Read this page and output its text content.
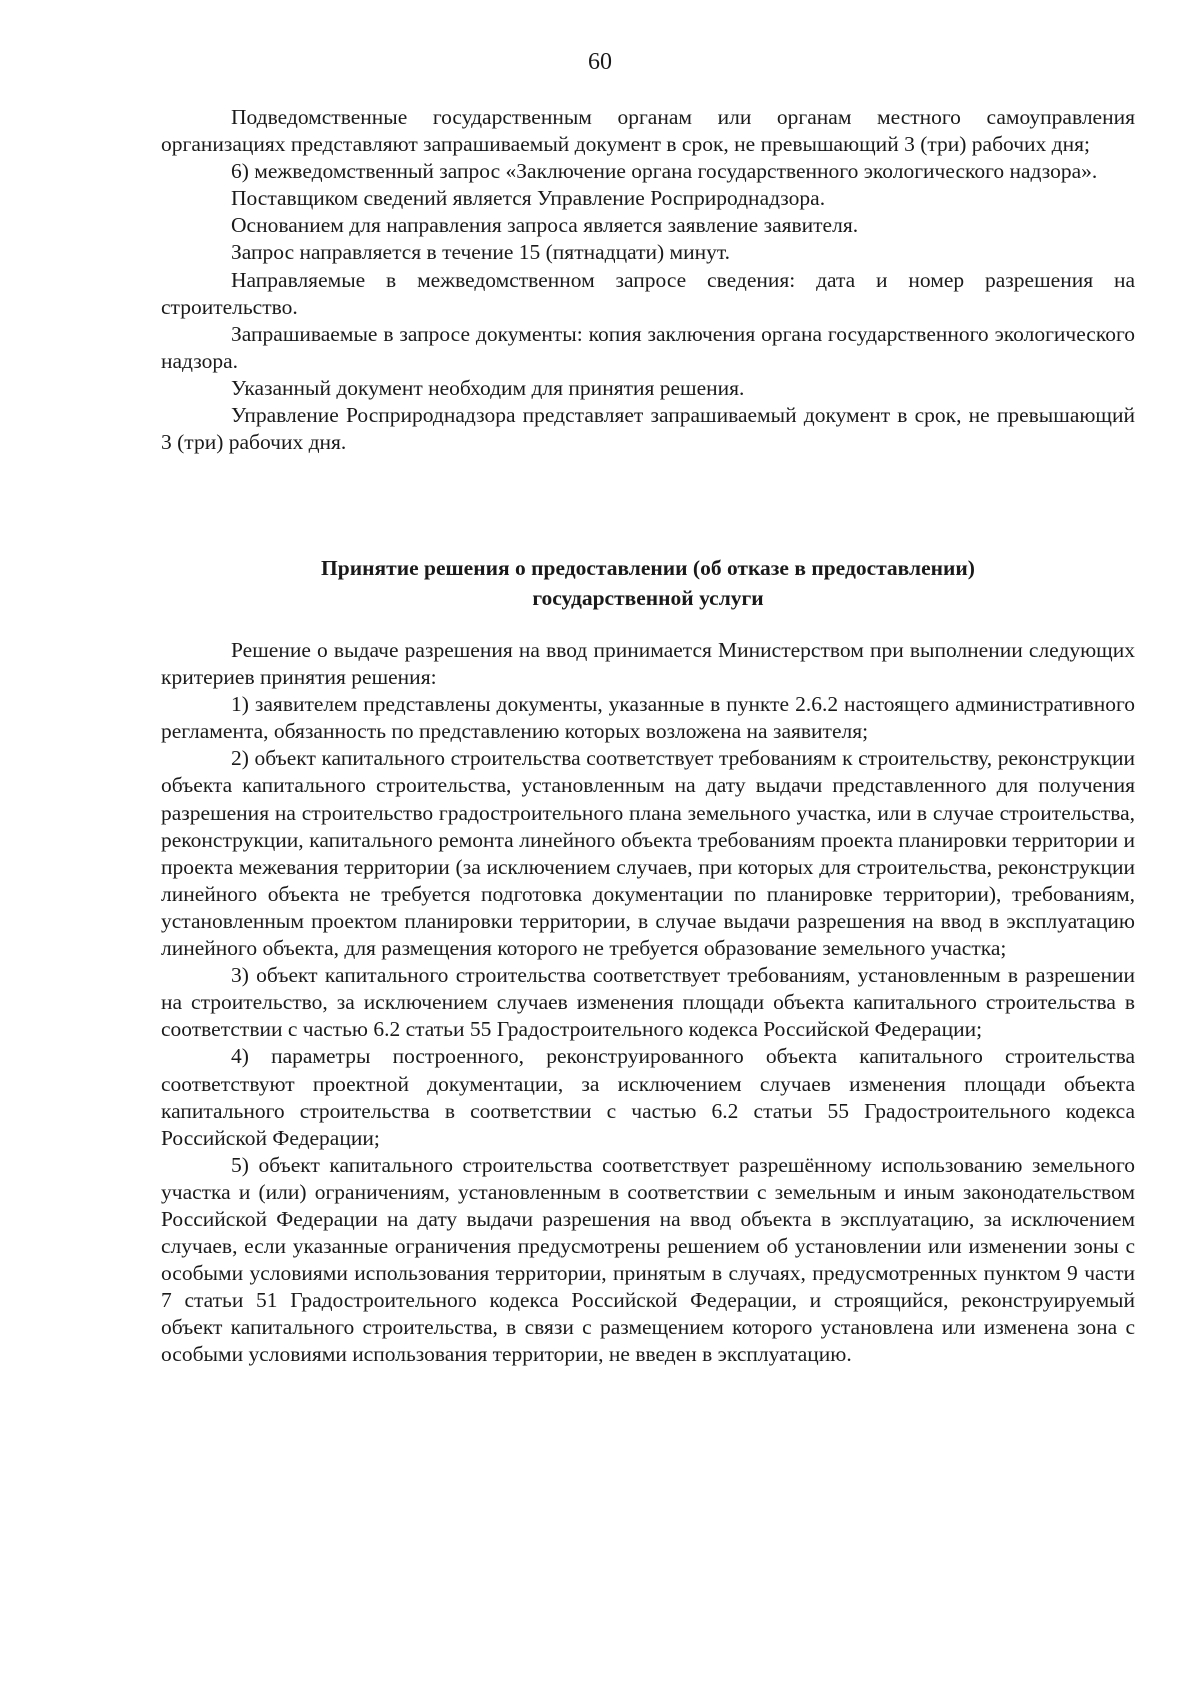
60

Подведомственные государственным органам или органам местного самоуправления организациях представляют запрашиваемый документ в срок, не превышающий 3 (три) рабочих дня;

6) межведомственный запрос «Заключение органа государственного экологического надзора».

Поставщиком сведений является Управление Росприроднадзора.

Основанием для направления запроса является заявление заявителя.

Запрос направляется в течение 15 (пятнадцати) минут.

Направляемые в межведомственном запросе сведения: дата и номер разрешения на строительство.

Запрашиваемые в запросе документы: копия заключения органа государственного экологического надзора.

Указанный документ необходим для принятия решения.

Управление Росприроднадзора представляет запрашиваемый документ в срок, не превышающий 3 (три) рабочих дня.

Принятие решения о предоставлении (об отказе в предоставлении)
государственной услуги

Решение о выдаче разрешения на ввод принимается Министерством при выполнении следующих критериев принятия решения:

1) заявителем представлены документы, указанные в пункте 2.6.2 настоящего административного регламента, обязанность по представлению которых возложена на заявителя;

2) объект капитального строительства соответствует требованиям к строительству, реконструкции объекта капитального строительства, установленным на дату выдачи представленного для получения разрешения на строительство градостроительного плана земельного участка, или в случае строительства, реконструкции, капитального ремонта линейного объекта требованиям проекта планировки территории и проекта межевания территории (за исключением случаев, при которых для строительства, реконструкции линейного объекта не требуется подготовка документации по планировке территории), требованиям, установленным проектом планировки территории, в случае выдачи разрешения на ввод в эксплуатацию линейного объекта, для размещения которого не требуется образование земельного участка;

3) объект капитального строительства соответствует требованиям, установленным в разрешении на строительство, за исключением случаев изменения площади объекта капитального строительства в соответствии с частью 6.2 статьи 55 Градостроительного кодекса Российской Федерации;

4) параметры построенного, реконструированного объекта капитального строительства соответствуют проектной документации, за исключением случаев изменения площади объекта капитального строительства в соответствии с частью 6.2 статьи 55 Градостроительного кодекса Российской Федерации;

5) объект капитального строительства соответствует разрешённому использованию земельного участка и (или) ограничениям, установленным в соответствии с земельным и иным законодательством Российской Федерации на дату выдачи разрешения на ввод объекта в эксплуатацию, за исключением случаев, если указанные ограничения предусмотрены решением об установлении или изменении зоны с особыми условиями использования территории, принятым в случаях, предусмотренных пунктом 9 части 7 статьи 51 Градостроительного кодекса Российской Федерации, и строящийся, реконструируемый объект капитального строительства, в связи с размещением которого установлена или изменена зона с особыми условиями использования территории, не введен в эксплуатацию.
